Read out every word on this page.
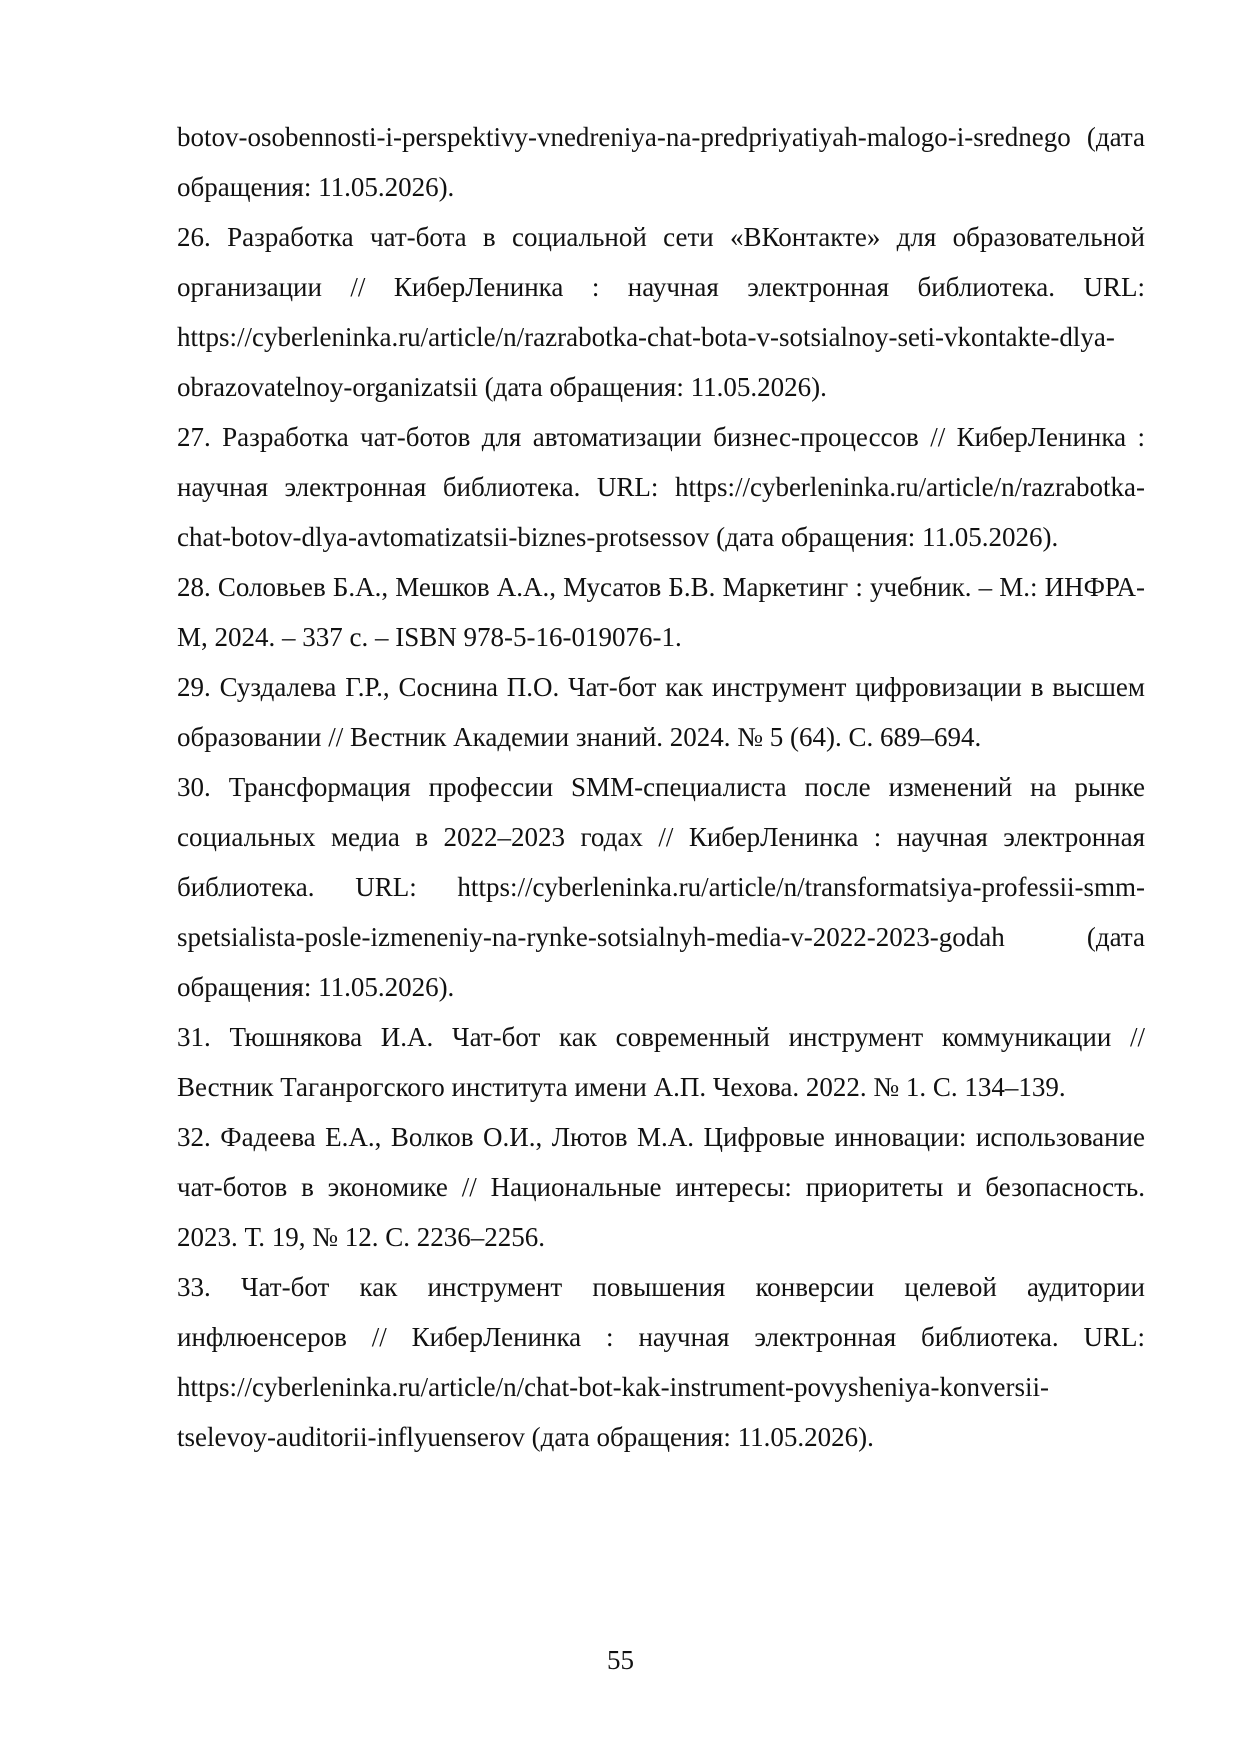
botov-osobennosti-i-perspektivy-vnedreniya-na-predpriyatiyah-malogo-i-srednego (дата обращения: 11.05.2026).

26. Разработка чат-бота в социальной сети «ВКонтакте» для образовательной организации // КиберЛенинка : научная электронная библиотека. URL: https://cyberleninka.ru/article/n/razrabotka-chat-bota-v-sotsialnoy-seti-vkontakte-dlya-obrazovatelnoy-organizatsii (дата обращения: 11.05.2026).

27. Разработка чат-ботов для автоматизации бизнес-процессов // КиберЛенинка : научная электронная библиотека. URL: https://cyberleninka.ru/article/n/razrabotka-chat-botov-dlya-avtomatizatsii-biznes-protsessov (дата обращения: 11.05.2026).

28. Соловьев Б.А., Мешков А.А., Мусатов Б.В. Маркетинг : учебник. – М.: ИНФРА-М, 2024. – 337 с. – ISBN 978-5-16-019076-1.

29. Суздалева Г.Р., Соснина П.О. Чат-бот как инструмент цифровизации в высшем образовании // Вестник Академии знаний. 2024. № 5 (64). С. 689–694.

30. Трансформация профессии SMM-специалиста после изменений на рынке социальных медиа в 2022–2023 годах // КиберЛенинка : научная электронная библиотека. URL: https://cyberleninka.ru/article/n/transformatsiya-professii-smm-spetsialista-posle-izmeneniy-na-rynke-sotsialnyh-media-v-2022-2023-godah (дата обращения: 11.05.2026).

31. Тюшнякова И.А. Чат-бот как современный инструмент коммуникации // Вестник Таганрогского института имени А.П. Чехова. 2022. № 1. С. 134–139.

32. Фадеева Е.А., Волков О.И., Лютов М.А. Цифровые инновации: использование чат-ботов в экономике // Национальные интересы: приоритеты и безопасность. 2023. Т. 19, № 12. С. 2236–2256.

33. Чат-бот как инструмент повышения конверсии целевой аудитории инфлюенсеров // КиберЛенинка : научная электронная библиотека. URL: https://cyberleninka.ru/article/n/chat-bot-kak-instrument-povysheniya-konversii-tselevoy-auditorii-inflyuenserov (дата обращения: 11.05.2026).

55
